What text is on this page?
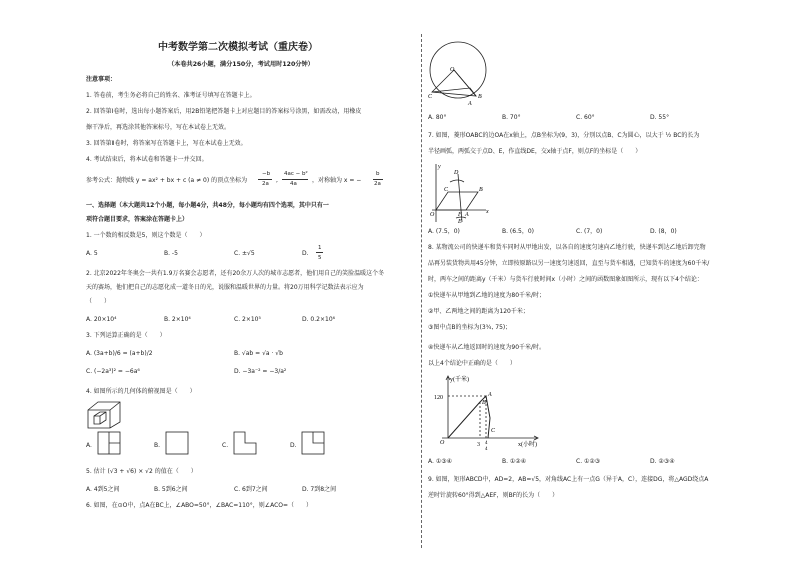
中考数学第二次模拟考试（重庆卷）
（本卷共26小题，满分150分，考试用时120分钟）
注意事项：
1. 答卷前，考生务必将自己的姓名、准考证号填写在答题卡上。
2. 回答第Ⅰ卷时，选出每小题答案后，用2B铅笔把答题卡上对应题目的答案标号涂黑，如需改动，用橡皮
擦干净后，再选涂其他答案标号，写在本试卷上无效。
3. 回答第Ⅱ卷时，将答案写在答题卡上，写在本试卷上无效。
4. 考试结束后，将本试卷和答题卡一并交回。
参考公式：抛物线 y = ax² + bx + c (a ≠ 0) 的顶点坐标为
−b
2a ,
4ac − b²
4a	，对称轴为 x = −
b
2a
一、选择题（本大题共12个小题，每小题4分，共48分，每小题均有四个选项，其中只有一
项符合题目要求，答案涂在答题卡上）
1. 一个数的相反数是5，则这个数是（　　）
A. 5	B. -5	C. ±√5	D.
1
5
2. 北京2022年冬奥会一共有1.9万名赛会志愿者，还有20余万人次的城市志愿者，他们用自己的笑脸温暖这个冬
天的赛场，他们把自己的志愿化成一道冬日的光，说服和温暖世界的力量。将20万用科学记数法表示应为
（　　）
A. 20×10⁴	B. 2×10⁴	C. 2×10⁵	D. 0.2×10⁶
3. 下列运算正确的是（　　）
A. (3a+b)/6 = (a+b)/2	B. √ab = √a · √b
C. (−2a³)² = −6a⁶	D. −3a⁻² = −3/a²
4. 如图所示的几何体的俯视图是（　　）
A.	B.	C.	D.
5. 估计 (√3 + √6) × √2 的值在（　　）
A. 4到5之间	B. 5到6之间	C. 6到7之间	D. 7到8之间
6. 如图，在⊙O中，点A在BC上，∠ABO=50°，∠BAC=110°，则∠ACO=（　　）
O
B
C
A
A. 80°	B. 70°	C. 60°	D. 55°
7. 如图，菱形OABC的边OA在x轴上，点B坐标为(9，3)，分别以点B、C为圆心，以大于 ½ BC的长为
半径画弧，两弧交于点D、E，作直线DE，交x轴于点F，则点F的坐标是（　　）
y
D
C	B
O	A
F
E
x
A. (7.5，0)	B. (6.5，0)	C. (7，0)	D. (8，0)
8. 某物流公司的快递车和货车同时从甲地出发，以各自的速度匀速向乙地行驶，快递车到达乙地后卸完物
品再另装货物共用45分钟，立即按原路以另一速度匀速返回，直至与货车相遇，已知货车的速度为60千米/
时，两车之间的距离y（千米）与货车行驶时间x（小时）之间的函数图象如图所示，现有以下4个结论：
①快递车从甲地到乙地的速度为80千米/时；
②甲、乙两地之间的距离为120千米；
③图中点B的坐标为(3¾, 75)；
④快递车从乙地返回时的速度为90千米/时。
以上4个结论中正确的是（　　）
y(千米)
x(小时)
120
3 4
4
O
A
B
C
A. ①③④	B. ①②④	C. ①②③	D. ②③④
9. 如图，矩形ABCD中，AD=2，AB=√5，对角线AC上有一点G（异于A，C），连接DG，将△AGD绕点A
逆时针旋转60°得到△AEF，则BF的长为（　　）
